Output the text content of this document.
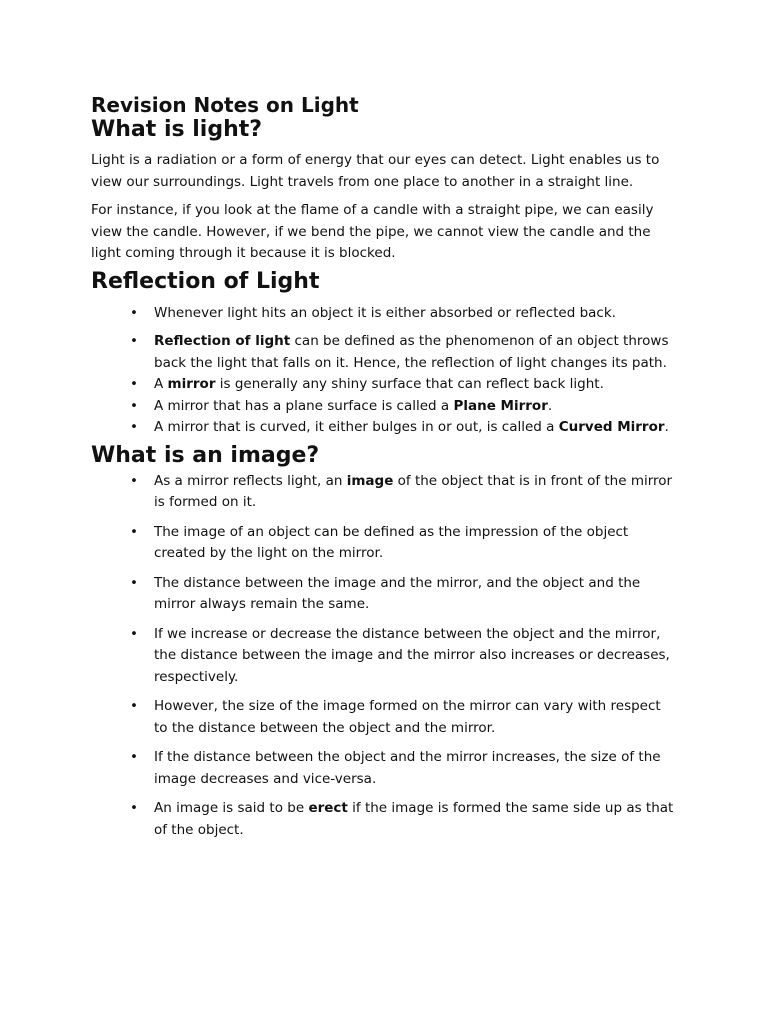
Revision Notes on Light
What is light?

Light is a radiation or a form of energy that our eyes can detect. Light enables us to view our surroundings. Light travels from one place to another in a straight line.

For instance, if you look at the flame of a candle with a straight pipe, we can easily view the candle. However, if we bend the pipe, we cannot view the candle and the light coming through it because it is blocked.

Reflection of Light
• Whenever light hits an object it is either absorbed or reflected back.
• Reflection of light can be defined as the phenomenon of an object throws back the light that falls on it. Hence, the reflection of light changes its path.
• A mirror is generally any shiny surface that can reflect back light.
• A mirror that has a plane surface is called a Plane Mirror.
• A mirror that is curved, it either bulges in or out, is called a Curved Mirror.
What is an image?
• As a mirror reflects light, an image of the object that is in front of the mirror is formed on it.
• The image of an object can be defined as the impression of the object created by the light on the mirror.
• The distance between the image and the mirror, and the object and the mirror always remain the same.
• If we increase or decrease the distance between the object and the mirror, the distance between the image and the mirror also increases or decreases, respectively.
• However, the size of the image formed on the mirror can vary with respect to the distance between the object and the mirror.
• If the distance between the object and the mirror increases, the size of the image decreases and vice-versa.
• An image is said to be erect if the image is formed the same side up as that of the object.
